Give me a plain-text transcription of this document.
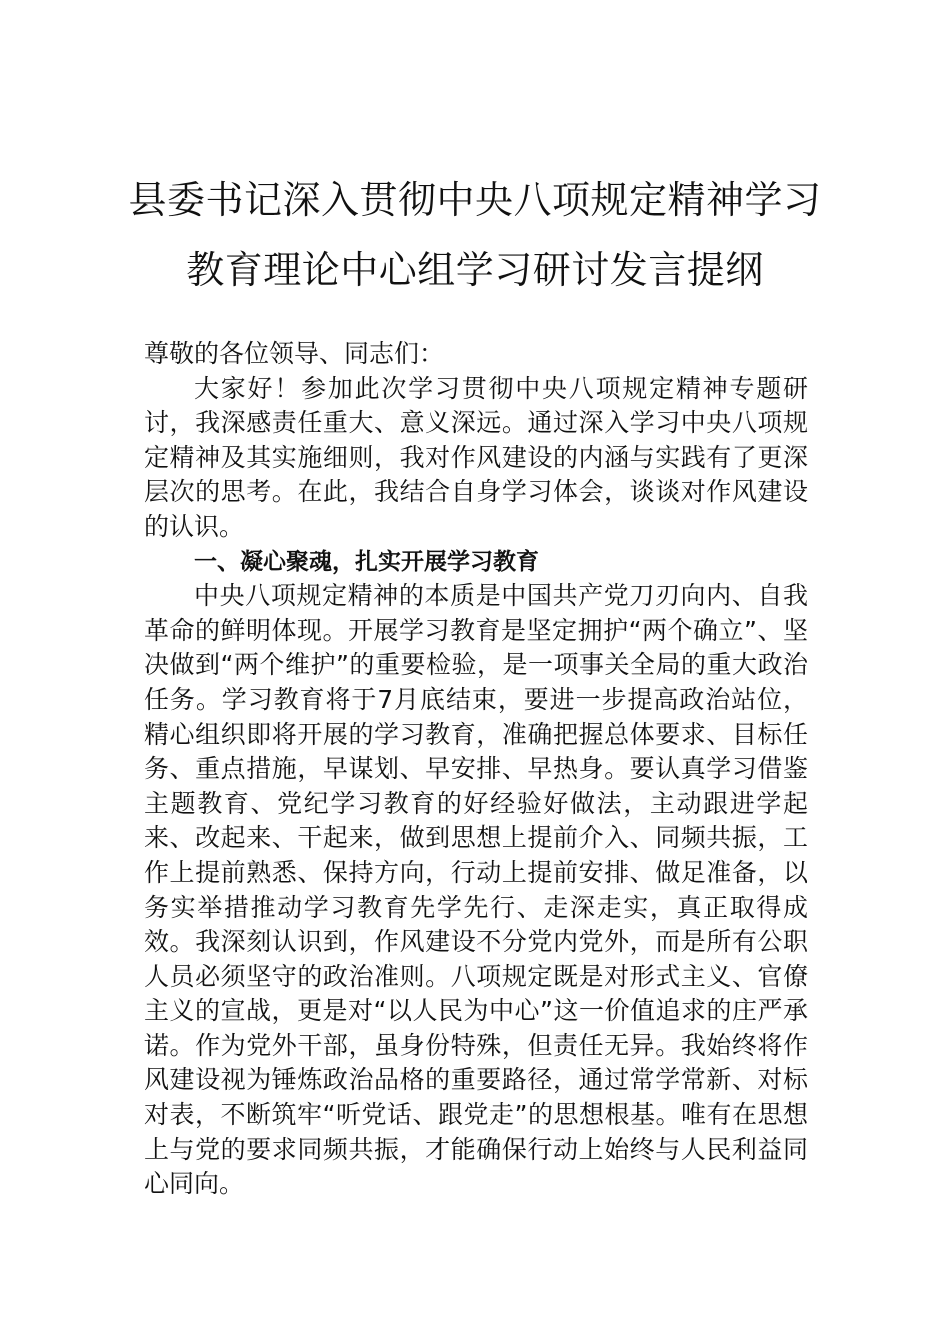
县委书记深入贯彻中央八项规定精神学习
教育理论中心组学习研讨发言提纲

尊敬的各位领导、同志们：

大家好！参加此次学习贯彻中央八项规定精神专题研讨，我深感责任重大、意义深远。通过深入学习中央八项规定精神及其实施细则，我对作风建设的内涵与实践有了更深层次的思考。在此，我结合自身学习体会，谈谈对作风建设的认识。

一、凝心聚魂，扎实开展学习教育

中央八项规定精神的本质是中国共产党刀刃向内、自我革命的鲜明体现。开展学习教育是坚定拥护“两个确立”、坚决做到“两个维护”的重要检验，是一项事关全局的重大政治任务。学习教育将于7月底结束，要进一步提高政治站位，精心组织即将开展的学习教育，准确把握总体要求、目标任务、重点措施，早谋划、早安排、早热身。要认真学习借鉴主题教育、党纪学习教育的好经验好做法，主动跟进学起来、改起来、干起来，做到思想上提前介入、同频共振，工作上提前熟悉、保持方向，行动上提前安排、做足准备，以务实举措推动学习教育先学先行、走深走实，真正取得成效。我深刻认识到，作风建设不分党内党外，而是所有公职人员必须坚守的政治准则。八项规定既是对形式主义、官僚主义的宣战，更是对“以人民为中心”这一价值追求的庄严承诺。作为党外干部，虽身份特殊，但责任无异。我始终将作风建设视为锤炼政治品格的重要路径，通过常学常新、对标对表，不断筑牢“听党话、跟党走”的思想根基。唯有在思想上与党的要求同频共振，才能确保行动上始终与人民利益同心同向。
